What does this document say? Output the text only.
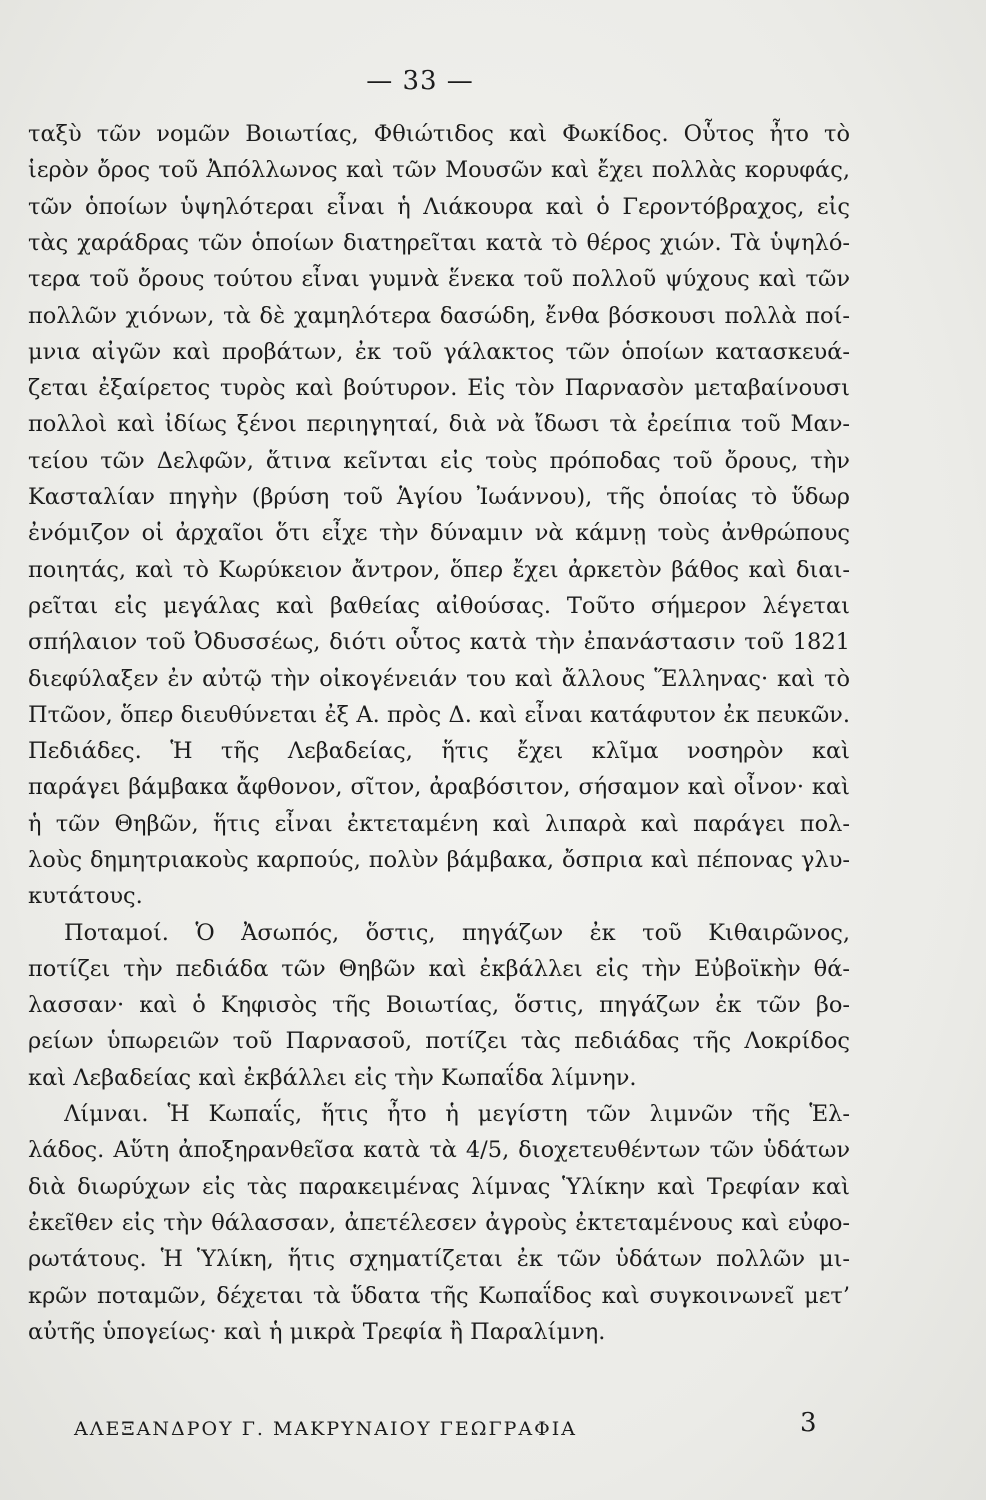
— 33 —
ταξὺ τῶν νομῶν Βοιωτίας, Φθιώτιδος καὶ Φωκίδος. Οὗτος ἦτο τὸ
ἱερὸν ὄρος τοῦ Ἀπόλλωνος καὶ τῶν Μουσῶν καὶ ἔχει πολλὰς κορυφάς,
τῶν ὁποίων ὑψηλότεραι εἶναι ἡ Λιάκουρα καὶ ὁ Γεροντόβραχος, εἰς
τὰς χαράδρας τῶν ὁποίων διατηρεῖται κατὰ τὸ θέρος χιών. Τὰ ὑψηλό-
τερα τοῦ ὄρους τούτου εἶναι γυμνὰ ἕνεκα τοῦ πολλοῦ ψύχους καὶ τῶν
πολλῶν χιόνων, τὰ δὲ χαμηλότερα δασώδη, ἔνθα βόσκουσι πολλὰ ποί-
μνια αἰγῶν καὶ προβάτων, ἐκ τοῦ γάλακτος τῶν ὁποίων κατασκευά-
ζεται ἐξαίρετος τυρὸς καὶ βούτυρον. Εἰς τὸν Παρνασὸν μεταβαίνουσι
πολλοὶ καὶ ἰδίως ξένοι περιηγηταί, διὰ νὰ ἴδωσι τὰ ἐρείπια τοῦ Μαν-
τείου τῶν Δελφῶν, ἅτινα κεῖνται εἰς τοὺς πρόποδας τοῦ ὄρους, τὴν
Κασταλίαν πηγὴν (βρύση τοῦ Ἁγίου Ἰωάννου), τῆς ὁποίας τὸ ὕδωρ
ἐνόμιζον οἱ ἀρχαῖοι ὅτι εἶχε τὴν δύναμιν νὰ κάμνῃ τοὺς ἀνθρώπους
ποιητάς, καὶ τὸ Κωρύκειον ἄντρον, ὅπερ ἔχει ἀρκετὸν βάθος καὶ διαι-
ρεῖται εἰς μεγάλας καὶ βαθείας αἰθούσας. Τοῦτο σήμερον λέγεται
σπήλαιον τοῦ Ὀδυσσέως, διότι οὗτος κατὰ τὴν ἐπανάστασιν τοῦ 1821
διεφύλαξεν ἐν αὐτῷ τὴν οἰκογένειάν του καὶ ἄλλους Ἕλληνας· καὶ τὸ
Πτῶον, ὅπερ διευθύνεται ἐξ Α. πρὸς Δ. καὶ εἶναι κατάφυτον ἐκ πευκῶν.
Πεδιάδες. Ἡ τῆς Λεβαδείας, ἥτις ἔχει κλῖμα νοσηρὸν καὶ
παράγει βάμβακα ἄφθονον, σῖτον, ἀραβόσιτον, σήσαμον καὶ οἶνον· καὶ
ἡ τῶν Θηβῶν, ἥτις εἶναι ἐκτεταμένη καὶ λιπαρὰ καὶ παράγει πολ-
λοὺς δημητριακοὺς καρπούς, πολὺν βάμβακα, ὄσπρια καὶ πέπονας γλυ-
κυτάτους.
Ποταμοί. Ὁ Ἀσωπός, ὅστις, πηγάζων ἐκ τοῦ Κιθαιρῶνος,
ποτίζει τὴν πεδιάδα τῶν Θηβῶν καὶ ἐκβάλλει εἰς τὴν Εὐβοϊκὴν θά-
λασσαν· καὶ ὁ Κηφισὸς τῆς Βοιωτίας, ὅστις, πηγάζων ἐκ τῶν βο-
ρείων ὑπωρειῶν τοῦ Παρνασοῦ, ποτίζει τὰς πεδιάδας τῆς Λοκρίδος
καὶ Λεβαδείας καὶ ἐκβάλλει εἰς τὴν Κωπαΐδα λίμνην.
Λίμναι. Ἡ Κωπαΐς, ἥτις ἦτο ἡ μεγίστη τῶν λιμνῶν τῆς Ἑλ-
λάδος. Αὕτη ἀποξηρανθεῖσα κατὰ τὰ 4/5, διοχετευθέντων τῶν ὑδάτων
διὰ διωρύχων εἰς τὰς παρακειμένας λίμνας Ὑλίκην καὶ Τρεφίαν καὶ
ἐκεῖθεν εἰς τὴν θάλασσαν, ἀπετέλεσεν ἀγροὺς ἐκτεταμένους καὶ εὐφο-
ρωτάτους. Ἡ Ὑλίκη, ἥτις σχηματίζεται ἐκ τῶν ὑδάτων πολλῶν μι-
κρῶν ποταμῶν, δέχεται τὰ ὕδατα τῆς Κωπαΐδος καὶ συγκοινωνεῖ μετ’
αὐτῆς ὑπογείως· καὶ ἡ μικρὰ Τρεφία ἢ Παραλίμνη.
ΑΛΕΞΑΝΔΡΟΥ Γ. ΜΑΚΡΥΝΑΙΟΥ ΓΕΩΓΡΑΦΙΑ	3
